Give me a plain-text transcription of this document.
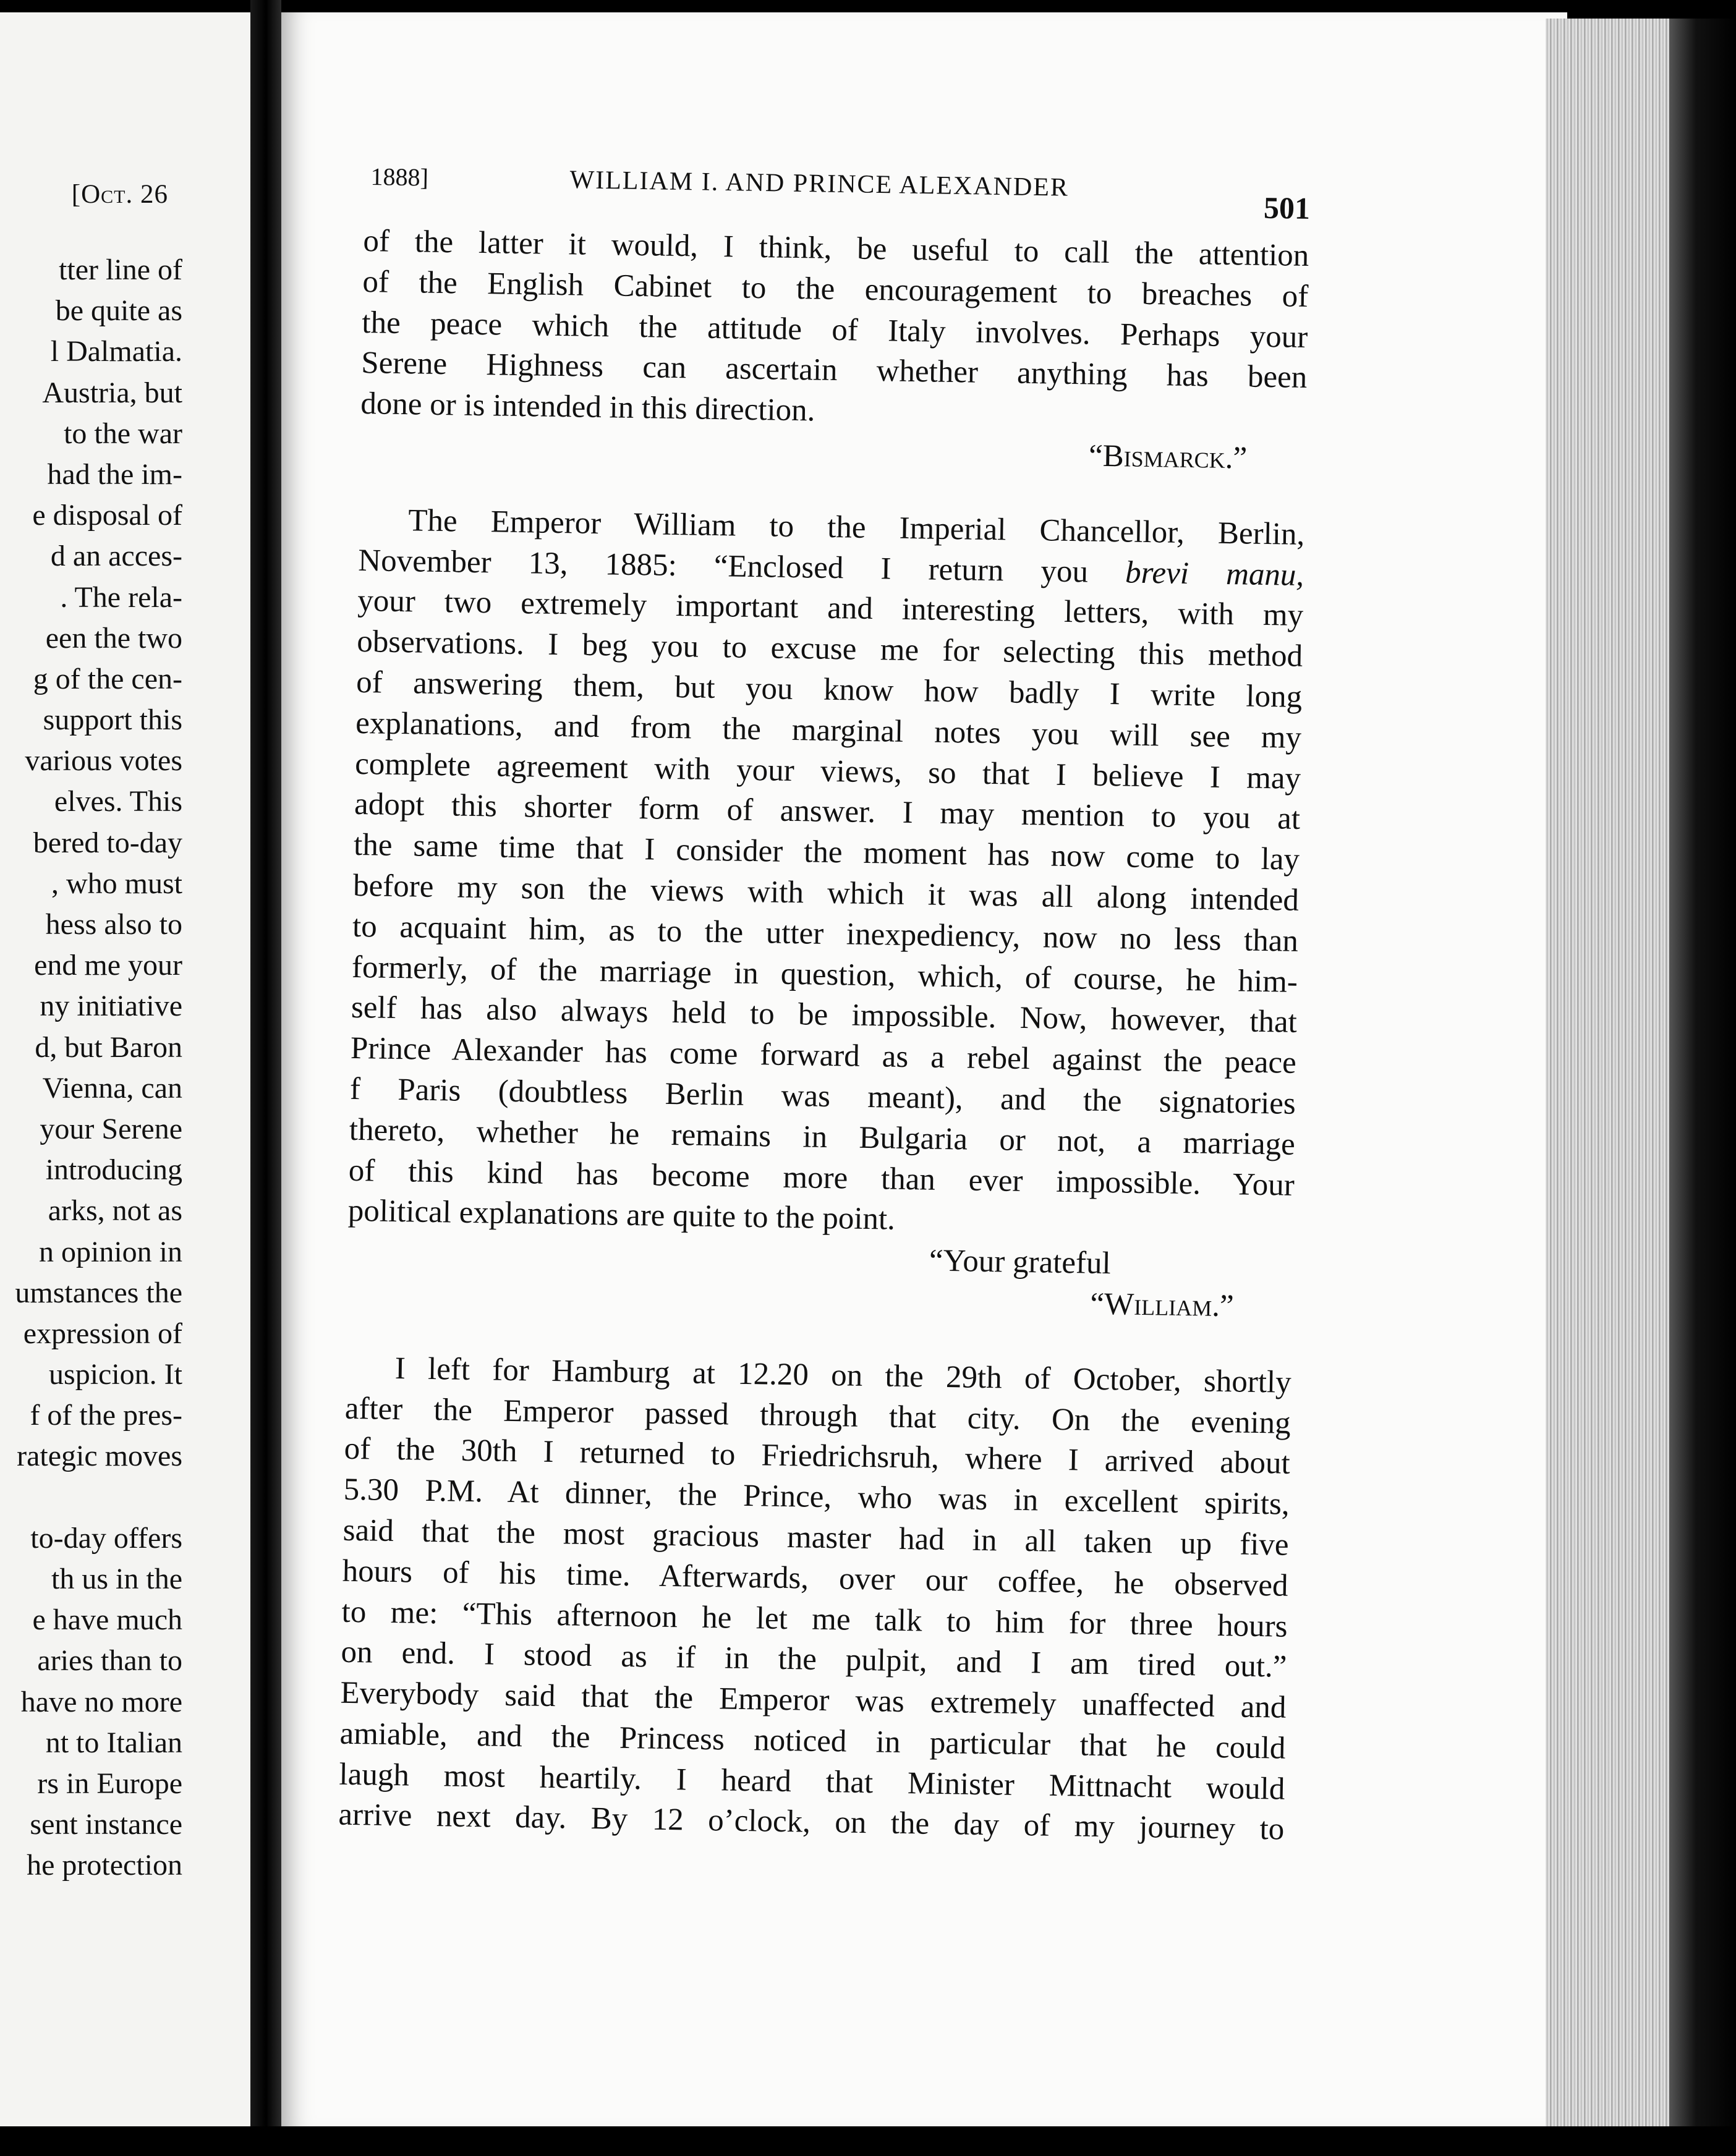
[Oct. 26
tter line of
be quite as
l Dalmatia.
Austria, but
to the war
had the im-
e disposal of
d an acces-
. The rela-
een the two
g of the cen-
support this
various votes
elves. This
bered to-day
, who must
hess also to
end me your
ny initiative
d, but Baron
Vienna, can
your Serene
introducing
arks, not as
n opinion in
umstances the
expression of
uspicion. It
f of the pres-
rategic moves
to-day offers
th us in the
e have much
aries than to
have no more
nt to Italian
rs in Europe
sent instance
he protection
1888]	WILLIAM I. AND PRINCE ALEXANDER
501
of the latter it would, I think, be useful to call the attention
of the English Cabinet to the encouragement to breaches of
the peace which the attitude of Italy involves. Perhaps your
Serene Highness can ascertain whether anything has been
done or is intended in this direction.
“Bismarck.”
The Emperor William to the Imperial Chancellor, Berlin,
November 13, 1885: “Enclosed I return you brevi manu,
your two extremely important and interesting letters, with my
observations. I beg you to excuse me for selecting this method
of answering them, but you know how badly I write long
explanations, and from the marginal notes you will see my
complete agreement with your views, so that I believe I may
adopt this shorter form of answer. I may mention to you at
the same time that I consider the moment has now come to lay
before my son the views with which it was all along intended
to acquaint him, as to the utter inexpediency, now no less than
formerly, of the marriage in question, which, of course, he him-
self has also always held to be impossible. Now, however, that
Prince Alexander has come forward as a rebel against the peace
f Paris (doubtless Berlin was meant), and the signatories
thereto, whether he remains in Bulgaria or not, a marriage
of this kind has become more than ever impossible. Your
political explanations are quite to the point.
“Your grateful
“William.”
I left for Hamburg at 12.20 on the 29th of October, shortly
after the Emperor passed through that city. On the evening
of the 30th I returned to Friedrichsruh, where I arrived about
5.30 P.M. At dinner, the Prince, who was in excellent spirits,
said that the most gracious master had in all taken up five
hours of his time. Afterwards, over our coffee, he observed
to me: “This afternoon he let me talk to him for three hours
on end. I stood as if in the pulpit, and I am tired out.”
Everybody said that the Emperor was extremely unaffected and
amiable, and the Princess noticed in particular that he could
laugh most heartily. I heard that Minister Mittnacht would
arrive next day. By 12 o’clock, on the day of my journey to
